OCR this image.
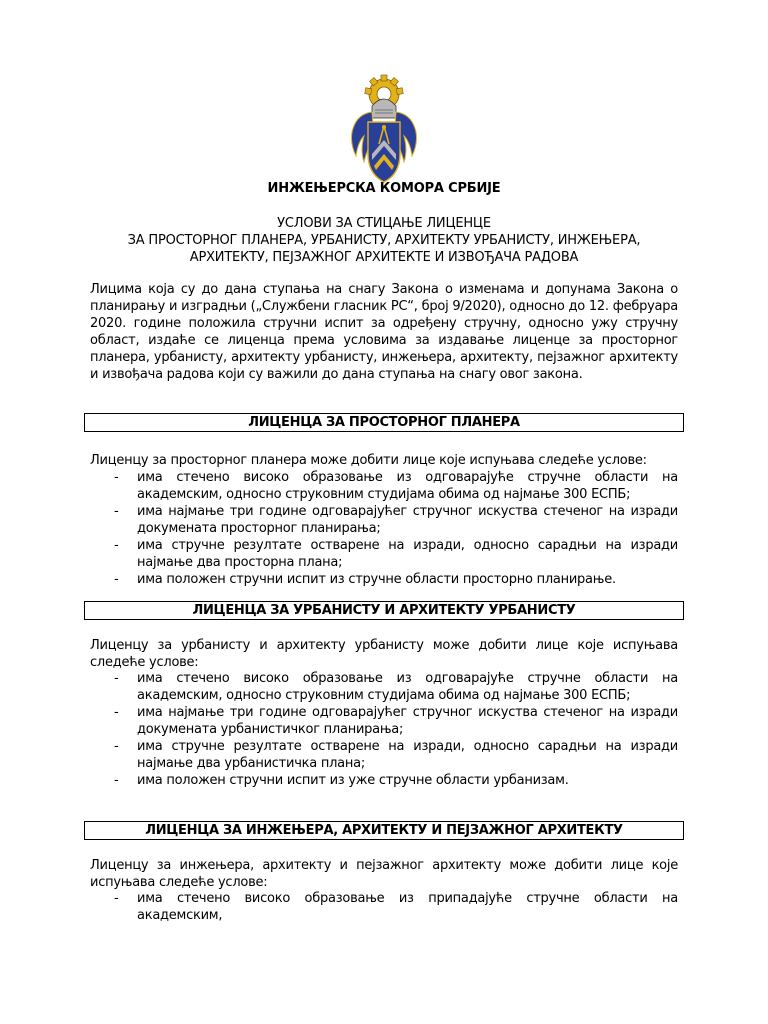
ИНЖЕЊЕРСКА КОМОРА СРБИЈЕ

УСЛОВИ ЗА СТИЦАЊЕ ЛИЦЕНЦЕ
ЗА ПРОСТОРНОГ ПЛАНЕРА, УРБАНИСТУ, АРХИТЕКТУ УРБАНИСТУ, ИНЖЕЊЕРА,
АРХИТЕКТУ, ПЕЈЗАЖНОГ АРХИТЕКТЕ И ИЗВОЂАЧА РАДОВА

Лицима која су до дана ступања на снагу Закона о изменама и допунама Закона о планирању и изградњи („Службени гласник РС“, број 9/2020), односно до 12. фебруара 2020. године положила стручни испит за одређену стручну, односно ужу стручну област, издаће се лиценца према условима за издавање лиценце за просторног планера, урбанисту, архитекту урбанисту, инжењера, архитекту, пејзажног архитекту и извођача радова који су важили до дана ступања на снагу овог закона.

ЛИЦЕНЦА ЗА ПРОСТОРНОГ ПЛАНЕРА

Лиценцу за просторног планера може добити лице које испуњава следеће услове:

- има стечено високо образовање из одговарајуће стручне области на академским, односно струковним студијама обима од најмање 300 ЕСПБ;
- има најмање три године одговарајућег стручног искуства стеченог на изради докумената просторног планирања;
- има стручне резултате остварене на изради, односно сарадњи на изради најмање два просторна плана;
- има положен стручни испит из стручне области просторно планирање.
ЛИЦЕНЦА ЗА УРБАНИСТУ И АРХИТЕКТУ УРБАНИСТУ

Лиценцу за урбанисту и архитекту урбанисту може добити лице које испуњава следеће услове:

- има стечено високо образовање из одговарајуће стручне области на академским, односно струковним студијама обима од најмање 300 ЕСПБ;
- има најмање три године одговарајућег стручног искуства стеченог на изради докумената урбанистичког планирања;
- има стручне резултате остварене на изради, односно сарадњи на изради најмање два урбанистичка плана;
- има положен стручни испит из уже стручне области урбанизам.
ЛИЦЕНЦА ЗА ИНЖЕЊЕРА, АРХИТЕКТУ И ПЕЈЗАЖНОГ АРХИТЕКТУ

Лиценцу за инжењера, архитекту и пејзажног архитекту може добити лице које испуњава следеће услове:

- има стечено високо образовање из припадајуће стручне области на академским,
